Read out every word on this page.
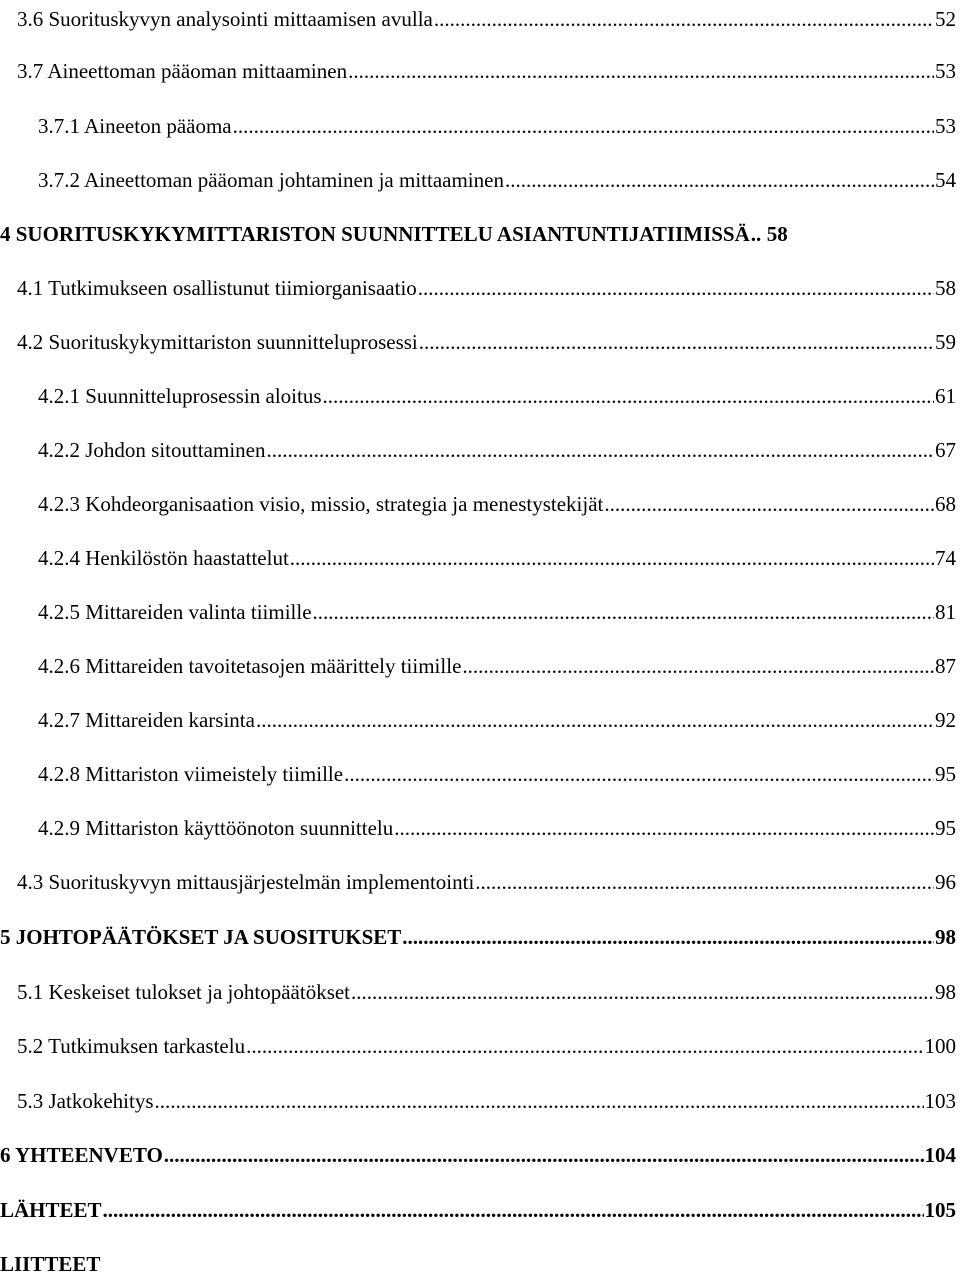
3.6 Suorituskyvyn analysointi mittaamisen avulla .....	52
3.7 Aineettoman pääoman mittaaminen .....	53
3.7.1 Aineeton pääoma .....	53
3.7.2 Aineettoman pääoman johtaminen ja mittaaminen .....	54
4 SUORITUSKYKYMITTARISTON SUUNNITTELU ASIANTUNTIJATIIMISSÄ ..... 58
4.1 Tutkimukseen osallistunut tiimiorganisaatio .....	58
4.2 Suorituskykymittariston suunnitteluprosessi .....	59
4.2.1 Suunnitteluprosessin aloitus .....	61
4.2.2 Johdon sitouttaminen .....	67
4.2.3 Kohdeorganisaation visio, missio, strategia ja menestystekijät .....	68
4.2.4 Henkilöstön haastattelut .....	74
4.2.5 Mittareiden valinta tiimille .....	81
4.2.6 Mittareiden tavoitetasojen määrittely tiimille .....	87
4.2.7 Mittareiden karsinta .....	92
4.2.8 Mittariston viimeistely tiimille .....	95
4.2.9 Mittariston käyttöönoton suunnittelu .....	95
4.3 Suorituskyvyn mittausjärjestelmän implementointi .....	96
5 JOHTOPÄÄTÖKSET JA SUOSITUKSET .....	98
5.1 Keskeiset tulokset ja johtopäätökset .....	98
5.2 Tutkimuksen tarkastelu .....	100
5.3 Jatkokehitys .....	103
6 YHTEENVETO .....	104
LÄHTEET .....	105
LIITTEET
